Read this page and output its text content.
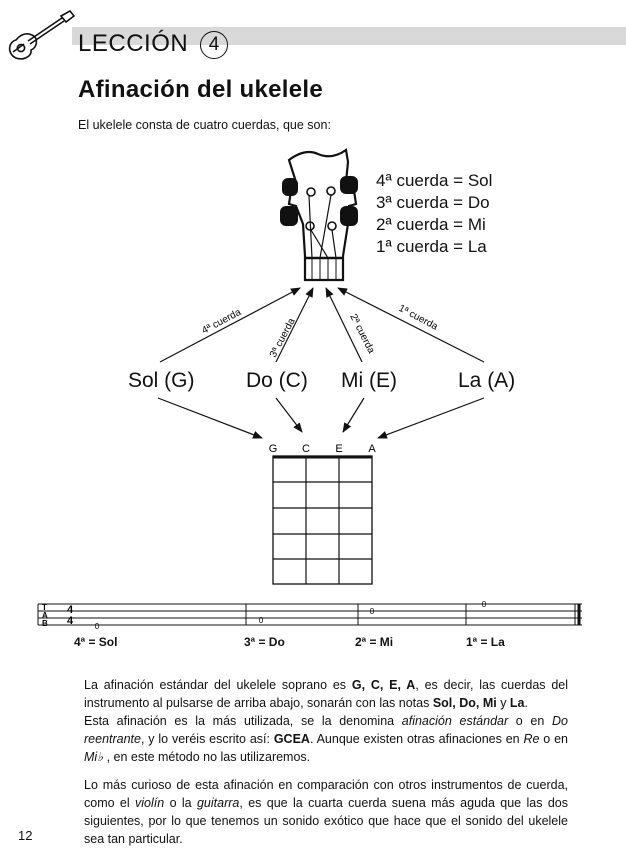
LECCIÓN	4
Afinación del ukelele
El ukelele consta de cuatro cuerdas, que son:
4ª cuerda 3ª cuerda	2ª cuerda 1ª cuerda
G C E A
4ª cuerda = Sol
3ª cuerda = Do
2ª cuerda = Mi
1ª cuerda = La
Sol (G) Do (C) Mi (E)	La (A)
T
A
B
4
4	0
0
0
0
4ª = Sol	3ª = Do	2ª = Mi	1ª = La

La afinación estándar del ukelele soprano es G, C, E, A, es decir, las cuerdas del instrumento al pulsarse de arriba abajo, sonarán con las notas Sol, Do, Mi y La.

Esta afinación es la más utilizada, se la denomina afinación estándar o en Do reentrante, y lo veréis escrito así: GCEA. Aunque existen otras afinaciones en Re o en Mi♭ , en este método no las utilizaremos.

Lo más curioso de esta afinación en comparación con otros instrumentos de cuerda, como el violín o la guitarra, es que la cuarta cuerda suena más aguda que las dos siguientes, por lo que tenemos un sonido exótico que hace que el sonido del ukelele sea tan particular.

12
